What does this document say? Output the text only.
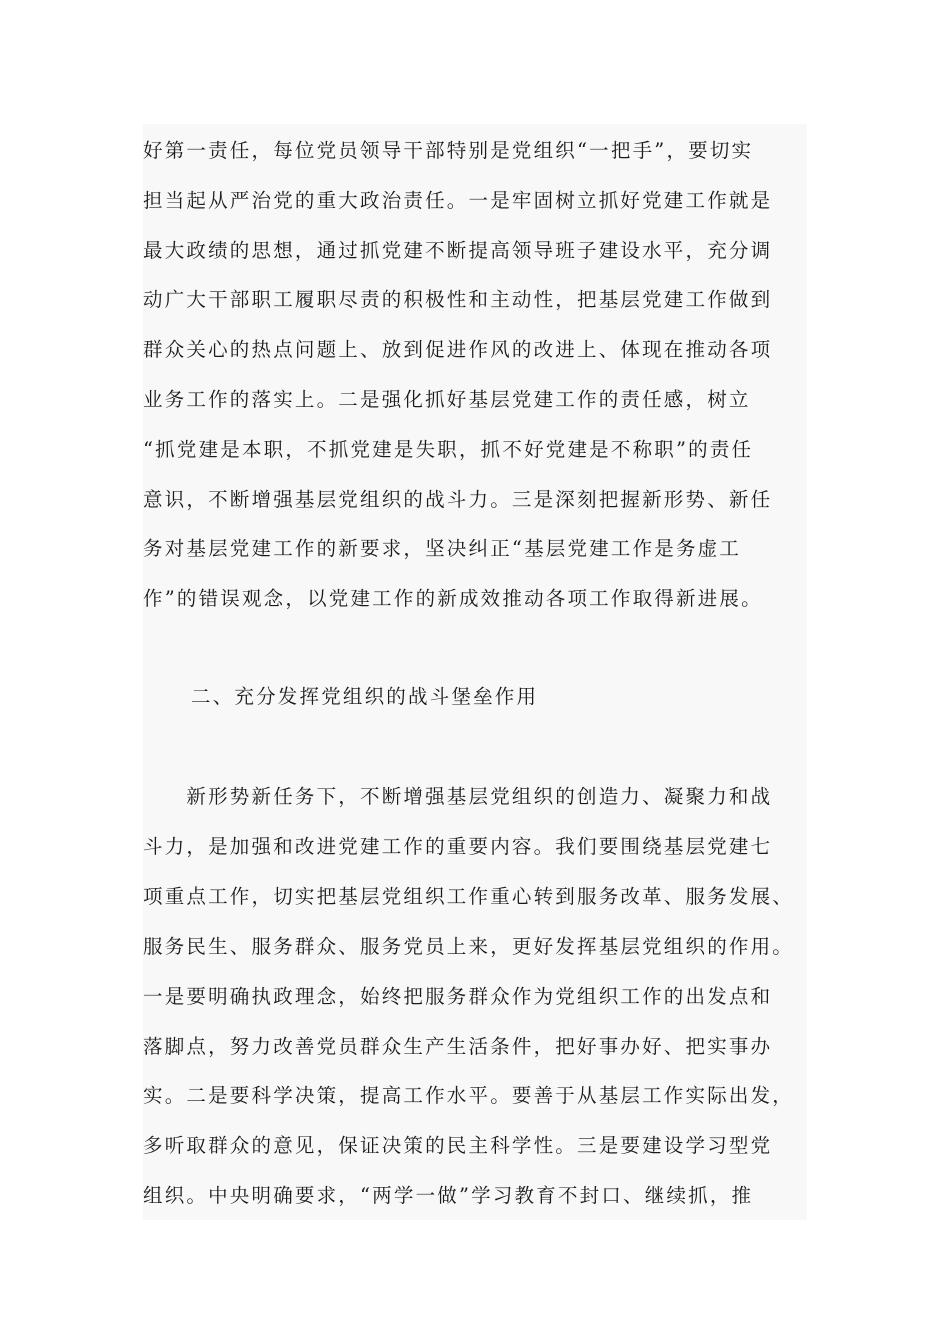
好第一责任，每位党员领导干部特别是党组织“一把手”，要切实
担当起从严治党的重大政治责任。一是牢固树立抓好党建工作就是
最大政绩的思想，通过抓党建不断提高领导班子建设水平，充分调
动广大干部职工履职尽责的积极性和主动性，把基层党建工作做到
群众关心的热点问题上、放到促进作风的改进上、体现在推动各项
业务工作的落实上。二是强化抓好基层党建工作的责任感，树立
“抓党建是本职，不抓党建是失职，抓不好党建是不称职”的责任
意识，不断增强基层党组织的战斗力。三是深刻把握新形势、新任
务对基层党建工作的新要求，坚决纠正“基层党建工作是务虚工
作”的错误观念，以党建工作的新成效推动各项工作取得新进展。
二、充分发挥党组织的战斗堡垒作用
　　新形势新任务下，不断增强基层党组织的创造力、凝聚力和战
斗力，是加强和改进党建工作的重要内容。我们要围绕基层党建七
项重点工作，切实把基层党组织工作重心转到服务改革、服务发展、
服务民生、服务群众、服务党员上来，更好发挥基层党组织的作用。
一是要明确执政理念，始终把服务群众作为党组织工作的出发点和
落脚点，努力改善党员群众生产生活条件，把好事办好、把实事办
实。二是要科学决策，提高工作水平。要善于从基层工作实际出发，
多听取群众的意见，保证决策的民主科学性。三是要建设学习型党
组织。中央明确要求，“两学一做”学习教育不封口、继续抓，推
